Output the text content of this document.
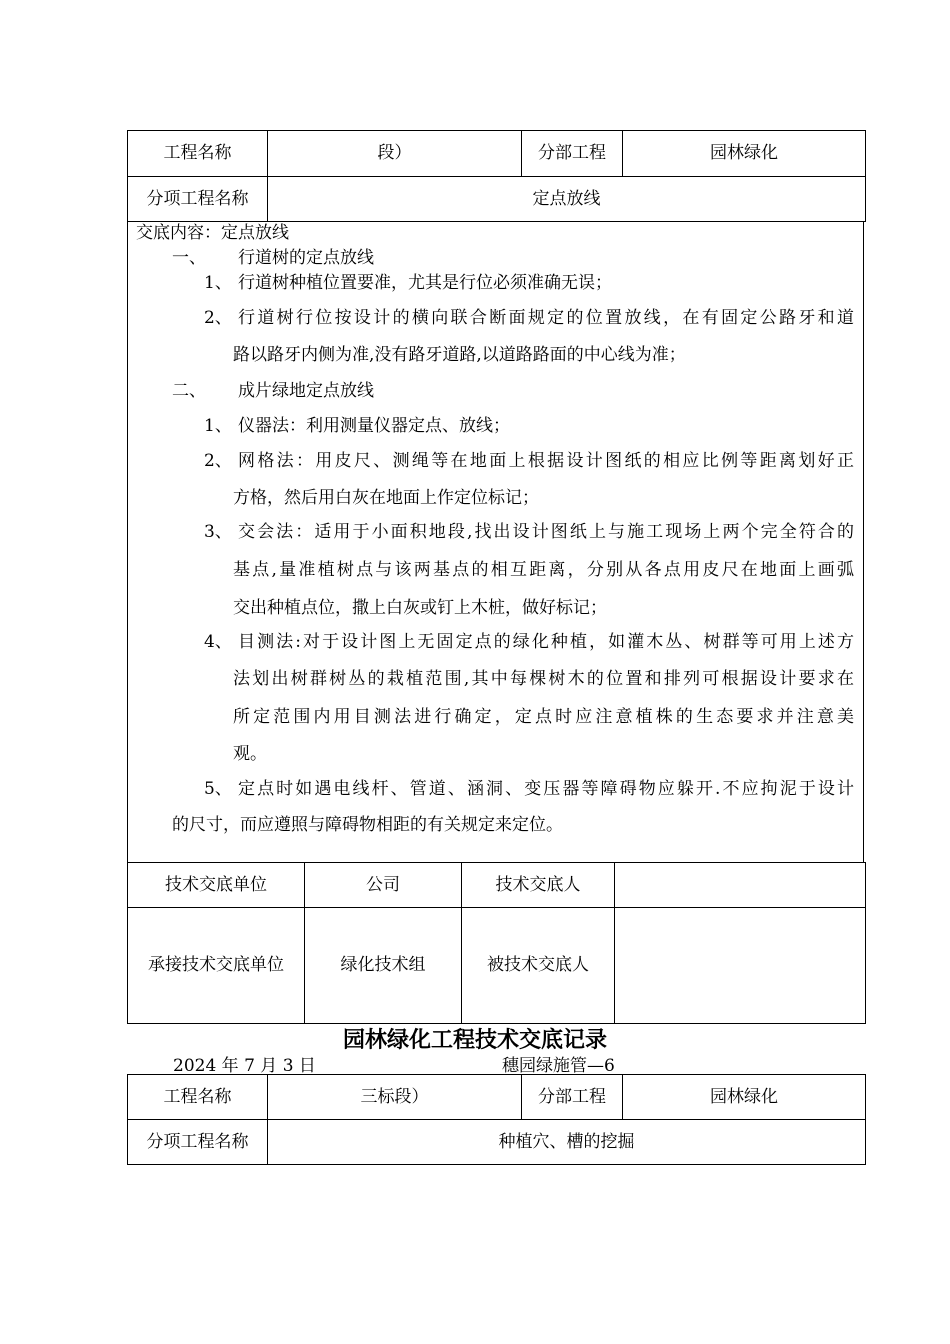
工程名称	段）	分部工程	园林绿化
分项工程名称	定点放线		
交底内容：定点放线
一、 行道树的定点放线
1、 行道树种植位置要准，尤其是行位必须准确无误；
2、 行道树行位按设计的横向联合断面规定的位置放线，在有固定公路牙和道
路以路牙内侧为准,没有路牙道路,以道路路面的中心线为准；
二、 成片绿地定点放线
1、 仪器法：利用测量仪器定点、放线；
2、 网格法：用皮尺、测绳等在地面上根据设计图纸的相应比例等距离划好正
方格，然后用白灰在地面上作定位标记；
3、 交会法：适用于小面积地段,找出设计图纸上与施工现场上两个完全符合的
基点,量准植树点与该两基点的相互距离，分别从各点用皮尺在地面上画弧
交出种植点位，撒上白灰或钉上木桩，做好标记；
4、 目测法:对于设计图上无固定点的绿化种植，如灌木丛、树群等可用上述方
法划出树群树丛的栽植范围,其中每棵树木的位置和排列可根据设计要求在
所定范围内用目测法进行确定，定点时应注意植株的生态要求并注意美
观。
5、 定点时如遇电线杆、管道、涵洞、变压器等障碍物应躲开.不应拘泥于设计
的尺寸，而应遵照与障碍物相距的有关规定来定位。
技术交底单位	公司	技术交底人	
承接技术交底单位	绿化技术组	被技术交底人	
园林绿化工程技术交底记录
2024 年 7 月 3 日	穗园绿施管—6
工程名称	三标段）	分部工程	园林绿化
分项工程名称	种植穴、槽的挖掘		
